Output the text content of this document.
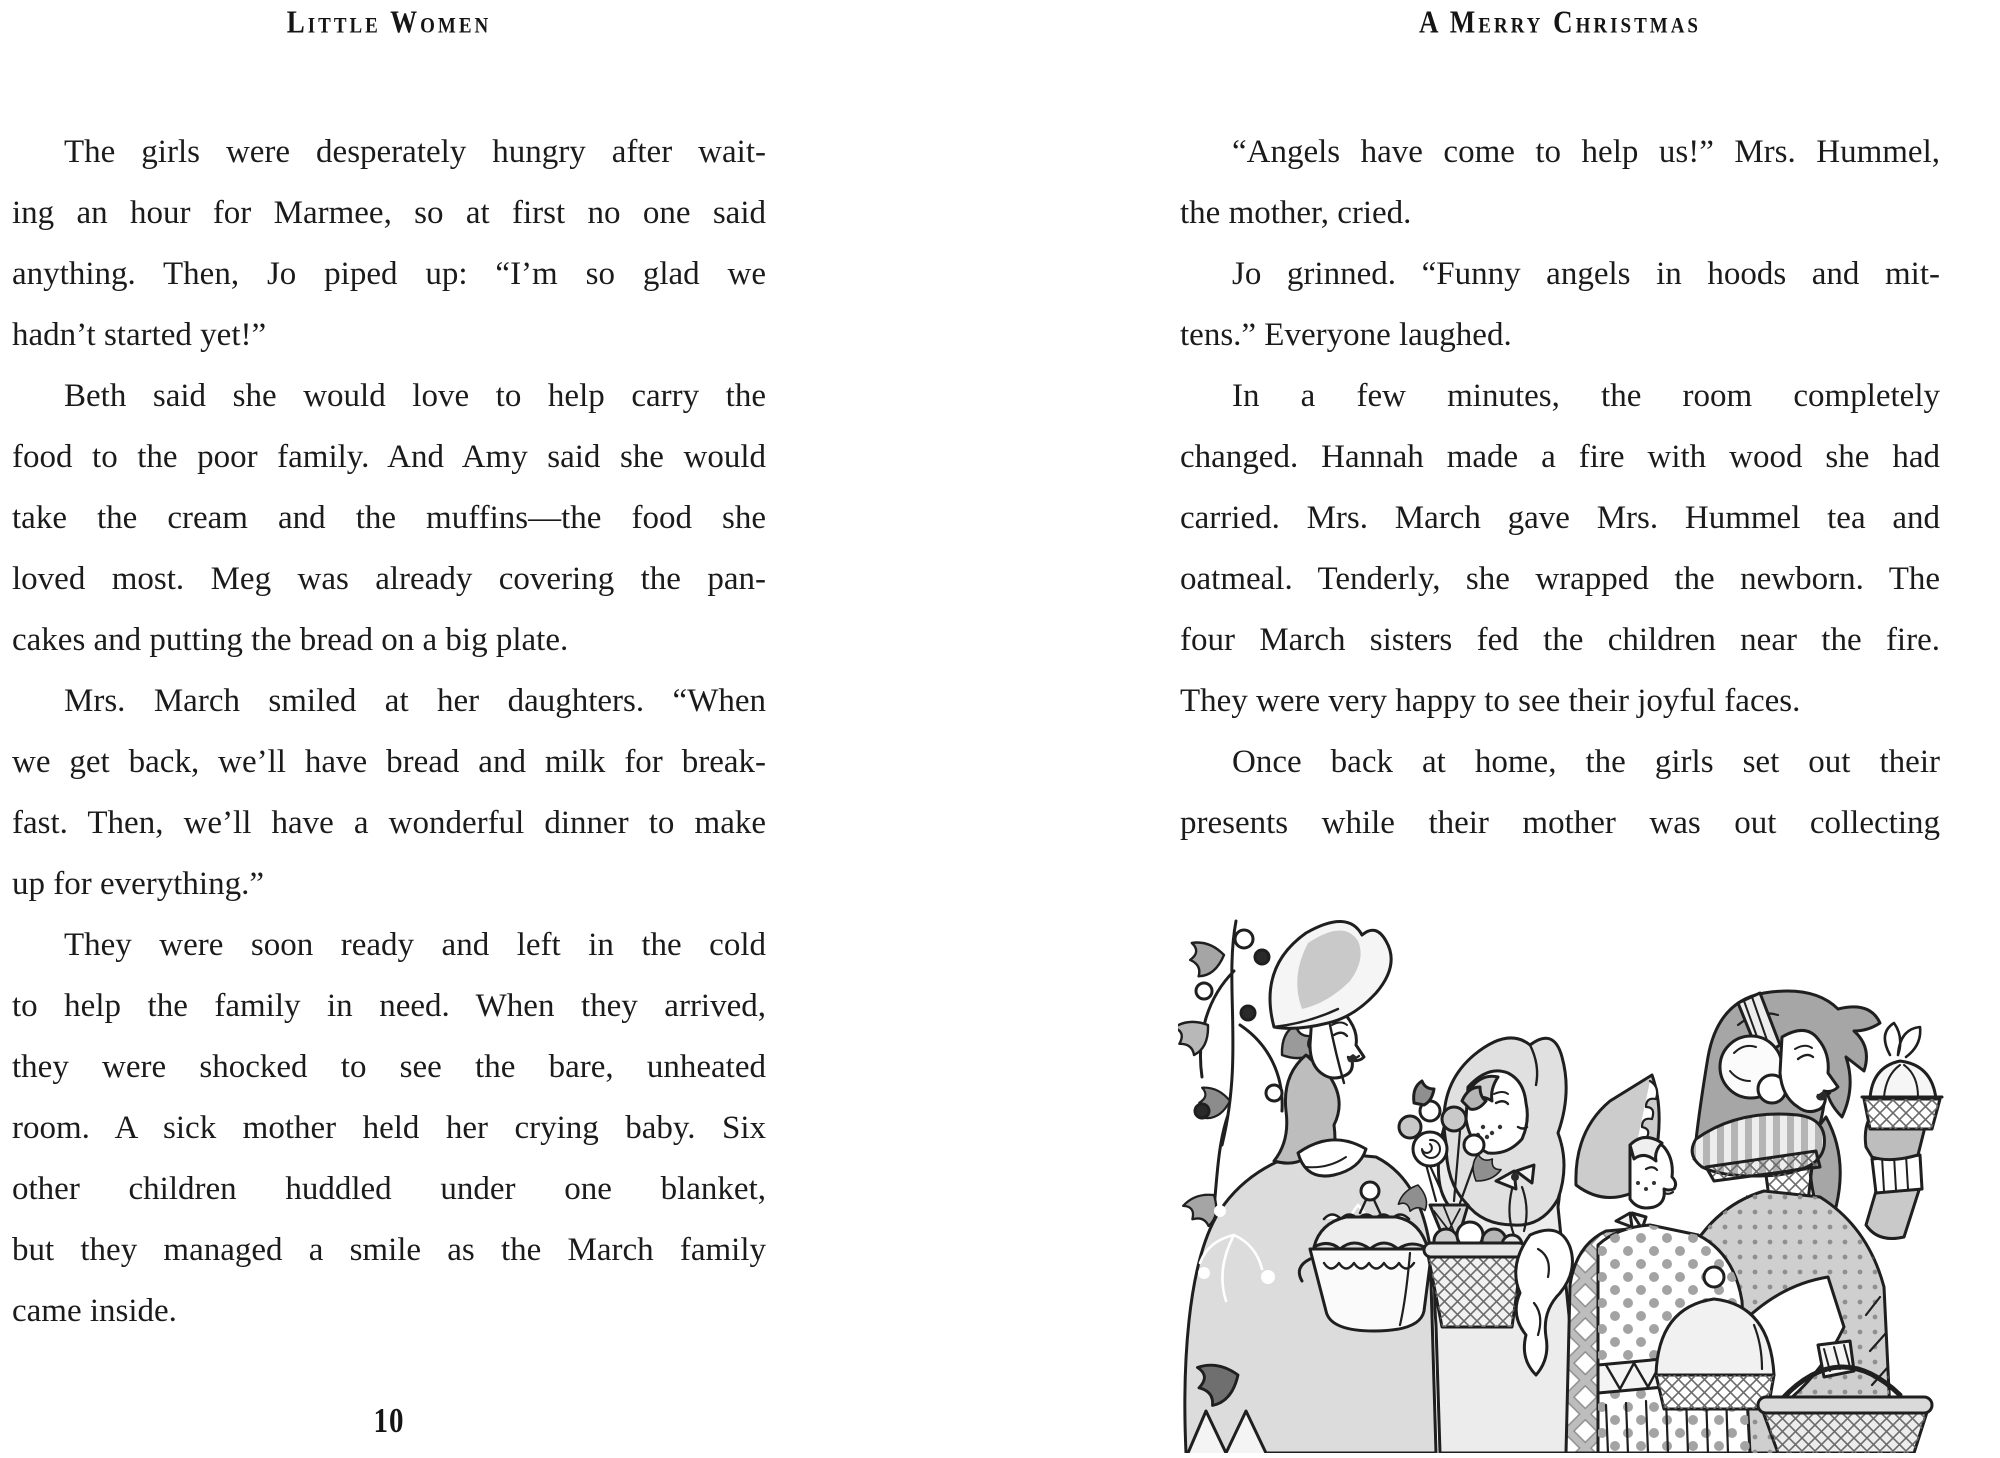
Little Women
The girls were desperately hungry after wait-
ing an hour for Marmee, so at first no one said
anything. Then, Jo piped up: “I’m so glad we
hadn’t started yet!”
Beth said she would love to help carry the
food to the poor family. And Amy said she would
take the cream and the muffins—the food she
loved most. Meg was already covering the pan-
cakes and putting the bread on a big plate.
Mrs. March smiled at her daughters. “When
we get back, we’ll have bread and milk for break-
fast. Then, we’ll have a wonderful dinner to make
up for everything.”
They were soon ready and left in the cold
to help the family in need. When they arrived,
they were shocked to see the bare, unheated
room. A sick mother held her crying baby. Six
other children huddled under one blanket,
but they managed a smile as the March family
came inside.
10
A Merry Christmas
“Angels have come to help us!” Mrs. Hummel,
the mother, cried.
Jo grinned. “Funny angels in hoods and mit-
tens.” Everyone laughed.
In a few minutes, the room completely
changed. Hannah made a fire with wood she had
carried. Mrs. March gave Mrs. Hummel tea and
oatmeal. Tenderly, she wrapped the newborn. The
four March sisters fed the children near the fire.
They were very happy to see their joyful faces.
Once back at home, the girls set out their
presents while their mother was out collecting
